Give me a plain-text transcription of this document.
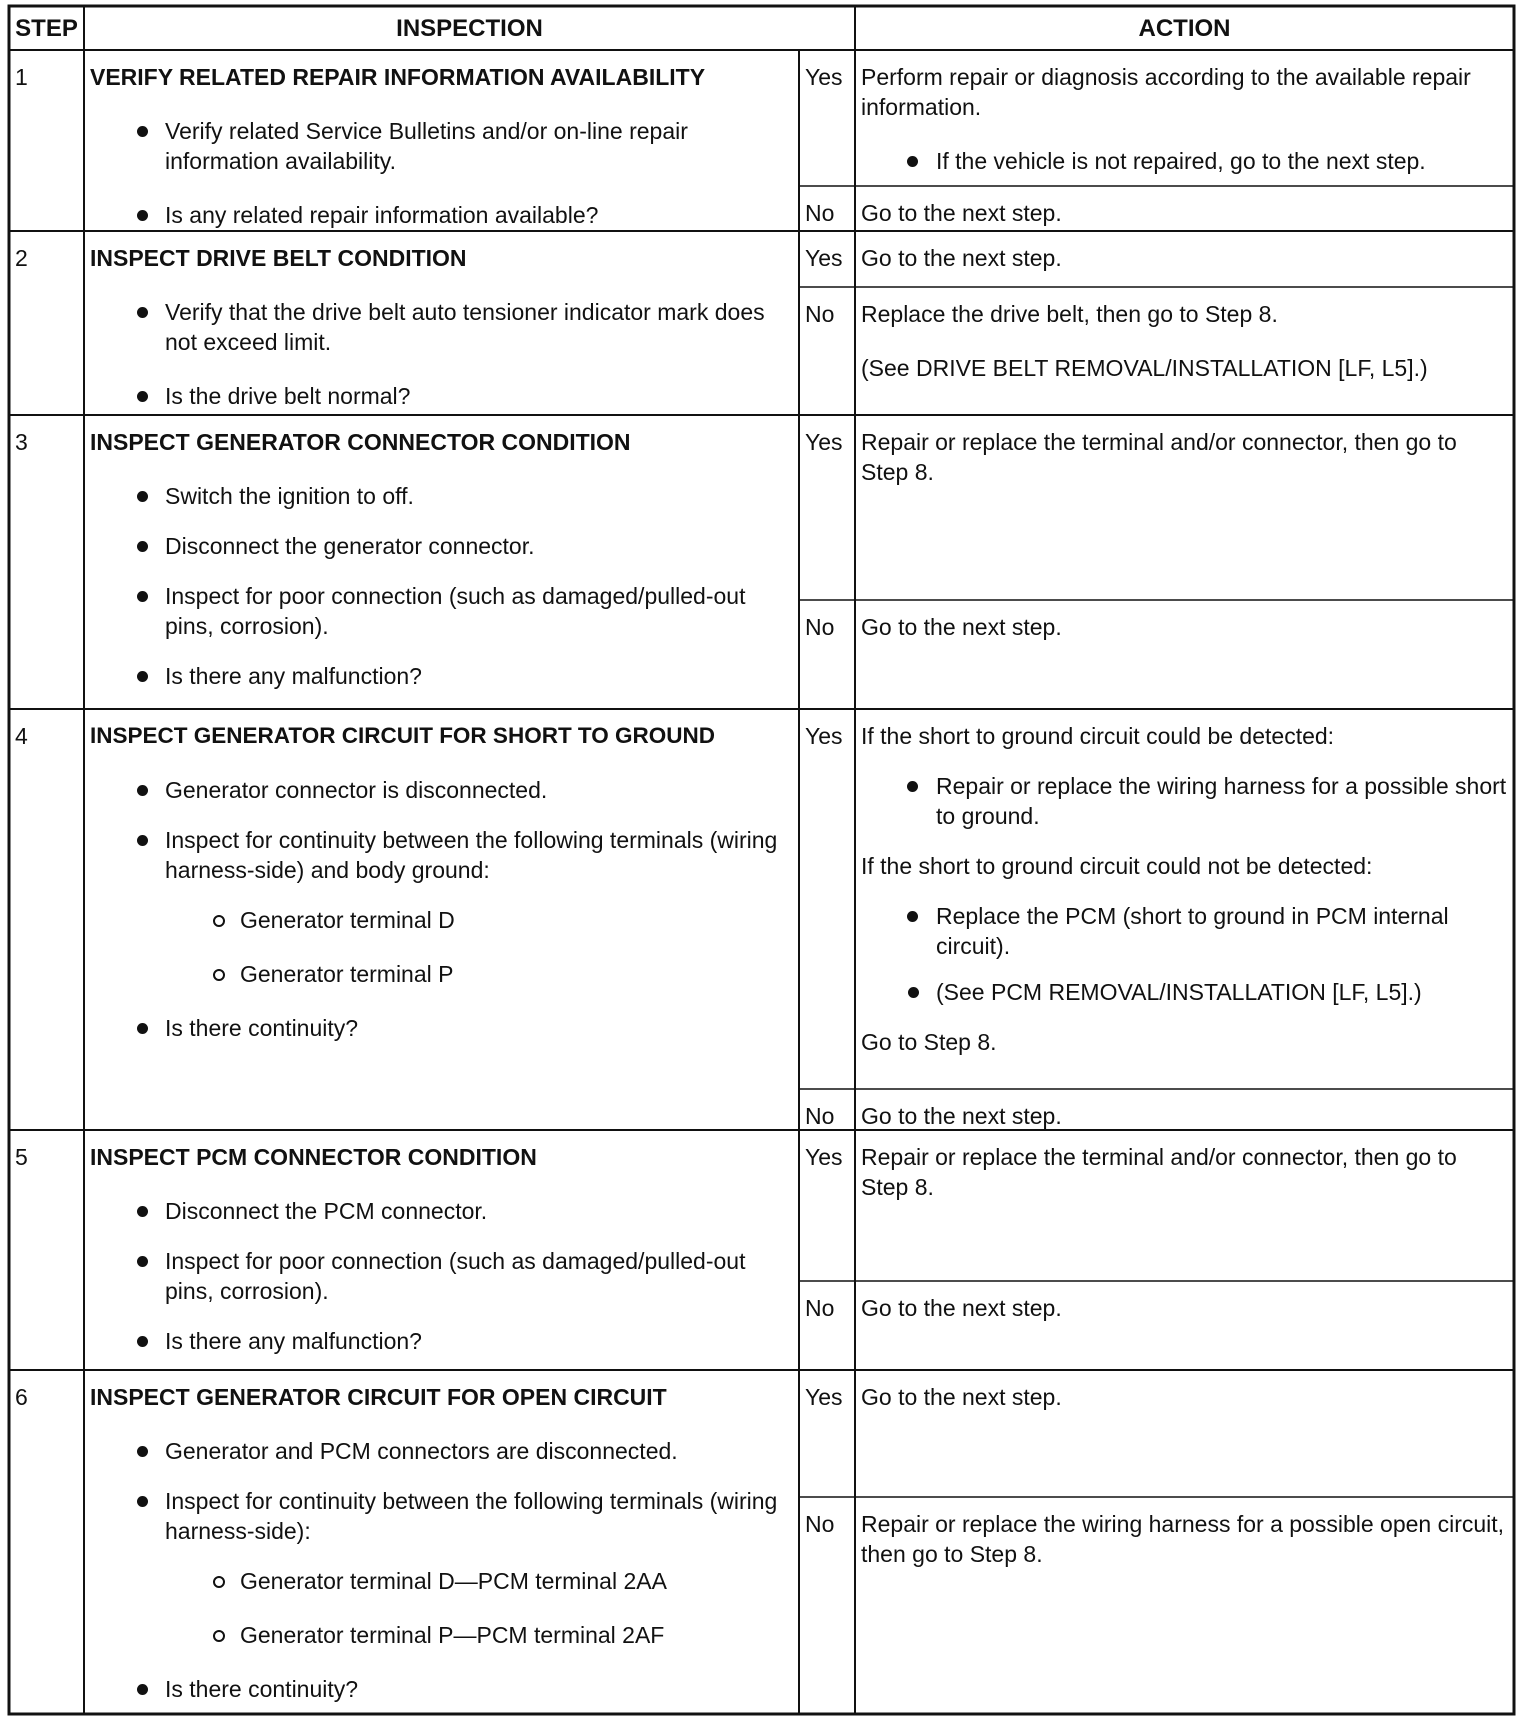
STEP	INSPECTION	ACTION
1	VERIFY RELATED REPAIR INFORMATION AVAILABILITY
Verify related Service Bulletins and/or on-line repair information availability.
Is any related repair information available?
Yes Perform repair or diagnosis according to the available repair information.
If the vehicle is not repaired, go to the next step.
No	Go to the next step.
2	INSPECT DRIVE BELT CONDITION
Verify that the drive belt auto tensioner indicator mark does not exceed limit.
Is the drive belt normal?
Yes Go to the next step.
No	Replace the drive belt, then go to Step 8.
(See DRIVE BELT REMOVAL/INSTALLATION [LF, L5].)
3	INSPECT GENERATOR CONNECTOR CONDITION
Switch the ignition to off.
Disconnect the generator connector.
Inspect for poor connection (such as damaged/pulled-out pins, corrosion).
Is there any malfunction?
Yes Repair or replace the terminal and/or connector, then go to Step 8.
No	Go to the next step.
4	INSPECT GENERATOR CIRCUIT FOR SHORT TO GROUND
Generator connector is disconnected.
Inspect for continuity between the following terminals (wiring harness-side) and body ground:
Generator terminal D
Generator terminal P
Is there continuity?
Yes If the short to ground circuit could be detected:
Repair or replace the wiring harness for a possible short to ground.
If the short to ground circuit could not be detected:
Replace the PCM (short to ground in PCM internal circuit).
(See PCM REMOVAL/INSTALLATION [LF, L5].)
Go to Step 8.
No	Go to the next step.
5	INSPECT PCM CONNECTOR CONDITION
Disconnect the PCM connector.
Inspect for poor connection (such as damaged/pulled-out pins, corrosion).
Is there any malfunction?
Yes Repair or replace the terminal and/or connector, then go to Step 8.
No	Go to the next step.
6	INSPECT GENERATOR CIRCUIT FOR OPEN CIRCUIT
Generator and PCM connectors are disconnected.
Inspect for continuity between the following terminals (wiring harness-side):
Generator terminal D—PCM terminal 2AA
Generator terminal P—PCM terminal 2AF
Is there continuity?
Yes Go to the next step.
No	Repair or replace the wiring harness for a possible open circuit, then go to Step 8.
